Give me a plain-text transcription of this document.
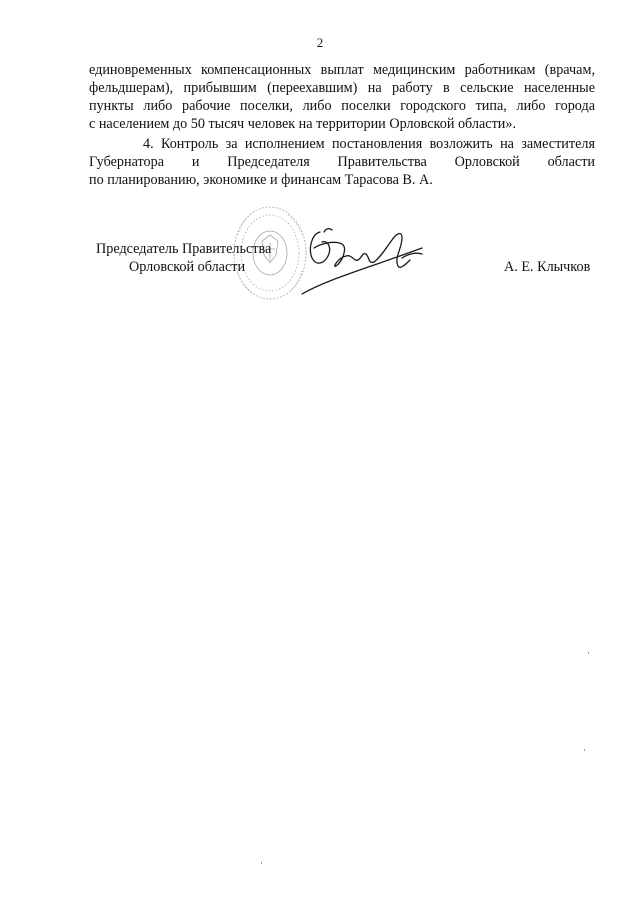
2
единовременных компенсационных выплат медицинским работникам (врачам,
фельдшерам), прибывшим (переехавшим) на работу в сельские населенные
пункты либо рабочие поселки, либо поселки городского типа, либо города
с населением до 50 тысяч человек на территории Орловской области».
4. Контроль за исполнением постановления возложить на заместителя
Губернатора и Председателя Правительства Орловской области
по планированию, экономике и финансам Тарасова В. А.
Председатель Правительства
Орловской области	А. Е. Клычков
